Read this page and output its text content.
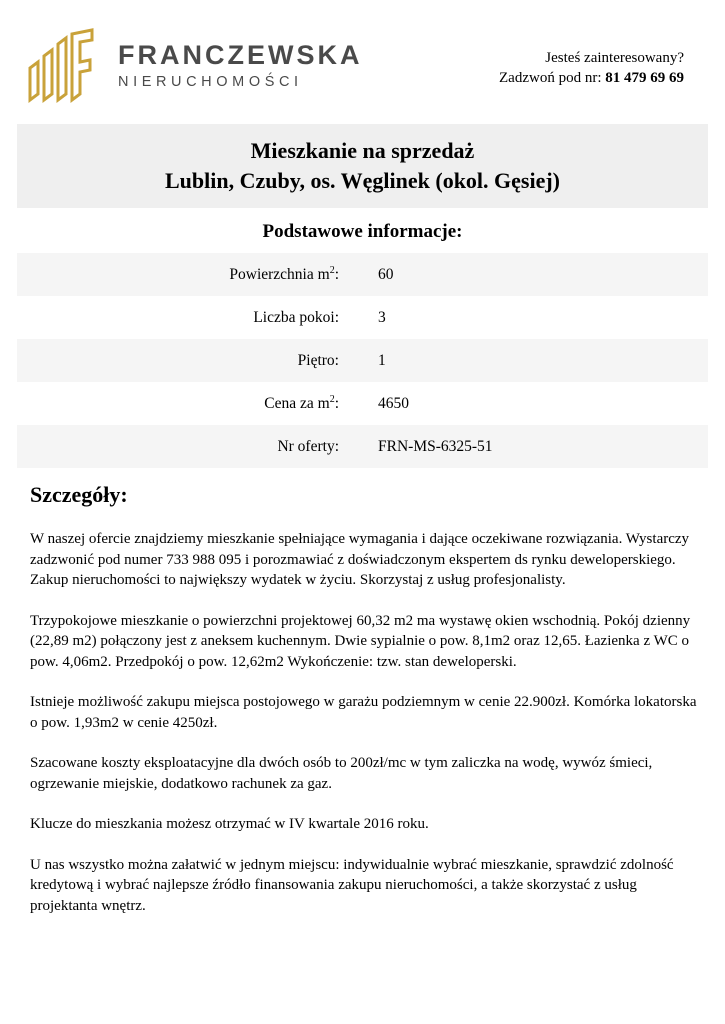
FRANCZEWSKA
NIERUCHOMOŚCI
Jesteś zainteresowany?
Zadzwoń pod nr: 81 479 69 69
Mieszkanie na sprzedaż
Lublin, Czuby, os. Węglinek (okol. Gęsiej)
Podstawowe informacje:
Powierzchnia $m^2$:	60
Liczba pokoi:	3
Piętro:	1
Cena za $m^2$:	4650
Nr oferty:	FRN-MS-6325-51
Szczegóły:

W naszej ofercie znajdziemy mieszkanie spełniające wymagania i dające oczekiwane rozwiązania. Wystarczy zadzwonić pod numer 733 988 095 i porozmawiać z doświadczonym ekspertem ds rynku deweloperskiego. Zakup nieruchomości to największy wydatek w życiu. Skorzystaj z usług profesjonalisty.

Trzypokojowe mieszkanie o powierzchni projektowej 60,32 m2 ma wystawę okien wschodnią. Pokój dzienny (22,89 m2) połączony jest z aneksem kuchennym. Dwie sypialnie o pow. 8,1m2 oraz 12,65. Łazienka z WC o pow. 4,06m2. Przedpokój o pow. 12,62m2 Wykończenie: tzw. stan deweloperski.

Istnieje możliwość zakupu miejsca postojowego w garażu podziemnym w cenie 22.900zł. Komórka lokatorska o pow. 1,93m2 w cenie 4250zł.

Szacowane koszty eksploatacyjne dla dwóch osób to 200zł/mc w tym zaliczka na wodę, wywóz śmieci, ogrzewanie miejskie, dodatkowo rachunek za gaz.

Klucze do mieszkania możesz otrzymać w IV kwartale 2016 roku.

U nas wszystko można załatwić w jednym miejscu: indywidualnie wybrać mieszkanie, sprawdzić zdolność kredytową i wybrać najlepsze źródło finansowania zakupu nieruchomości, a także skorzystać z usług projektanta wnętrz.
